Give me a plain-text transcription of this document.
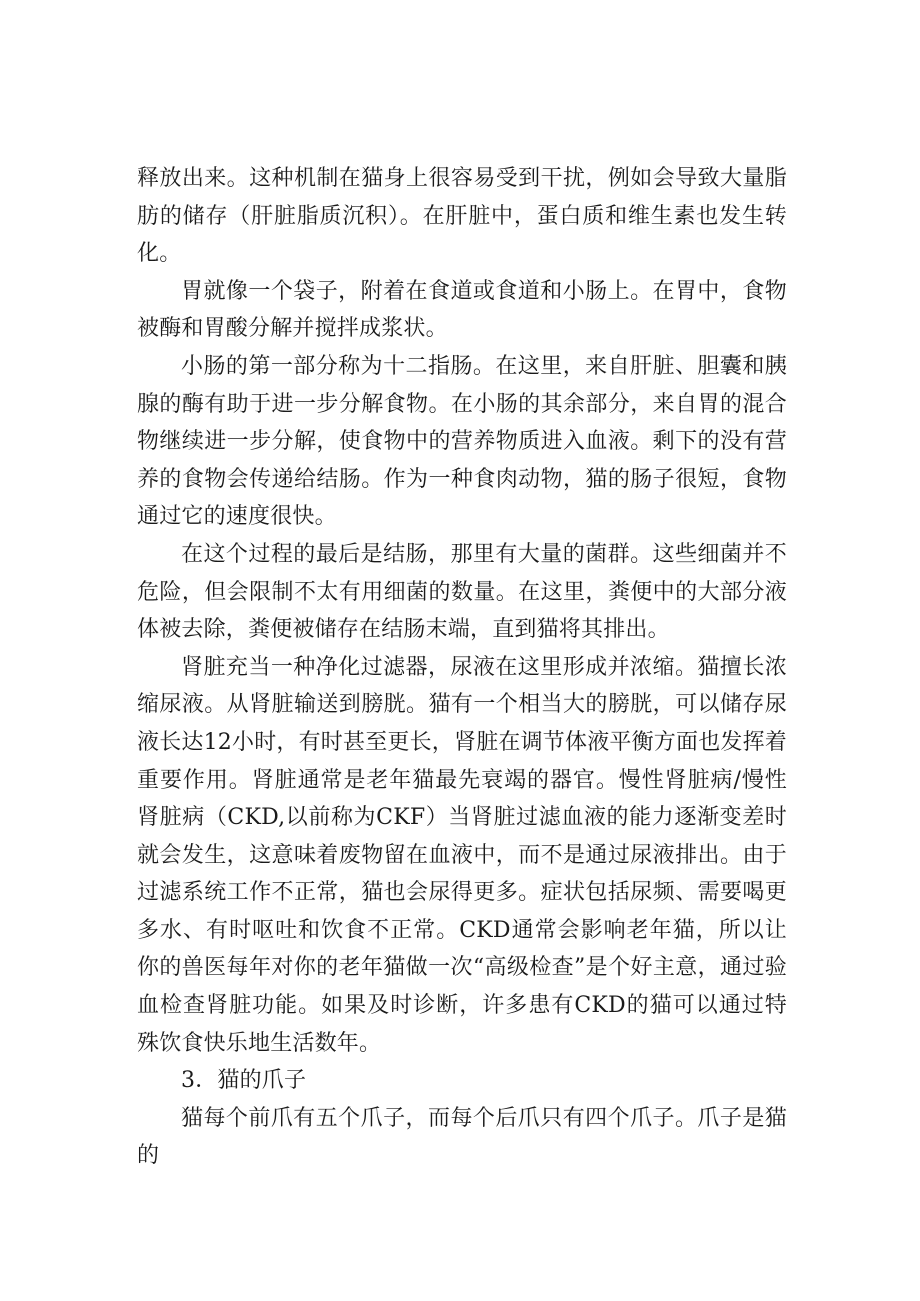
释放出来。这种机制在猫身上很容易受到干扰，例如会导致大量脂肪的储存（肝脏脂质沉积）。在肝脏中，蛋白质和维生素也发生转化。

胃就像一个袋子，附着在食道或食道和小肠上。在胃中，食物被酶和胃酸分解并搅拌成浆状。

小肠的第一部分称为十二指肠。在这里，来自肝脏、胆囊和胰腺的酶有助于进一步分解食物。在小肠的其余部分，来自胃的混合物继续进一步分解，使食物中的营养物质进入血液。剩下的没有营养的食物会传递给结肠。作为一种食肉动物，猫的肠子很短，食物通过它的速度很快。

在这个过程的最后是结肠，那里有大量的菌群。这些细菌并不危险，但会限制不太有用细菌的数量。在这里，粪便中的大部分液体被去除，粪便被储存在结肠末端，直到猫将其排出。

肾脏充当一种净化过滤器，尿液在这里形成并浓缩。猫擅长浓缩尿液。从肾脏输送到膀胱。猫有一个相当大的膀胱，可以储存尿液长达12小时，有时甚至更长，肾脏在调节体液平衡方面也发挥着重要作用。肾脏通常是老年猫最先衰竭的器官。慢性肾脏病/慢性肾脏病（CKD,以前称为CKF）当肾脏过滤血液的能力逐渐变差时就会发生，这意味着废物留在血液中，而不是通过尿液排出。由于过滤系统工作不正常，猫也会尿得更多。症状包括尿频、需要喝更多水、有时呕吐和饮食不正常。CKD通常会影响老年猫，所以让你的兽医每年对你的老年猫做一次“高级检查”是个好主意，通过验血检查肾脏功能。如果及时诊断，许多患有CKD的猫可以通过特殊饮食快乐地生活数年。

3．猫的爪子

猫每个前爪有五个爪子，而每个后爪只有四个爪子。爪子是猫的
